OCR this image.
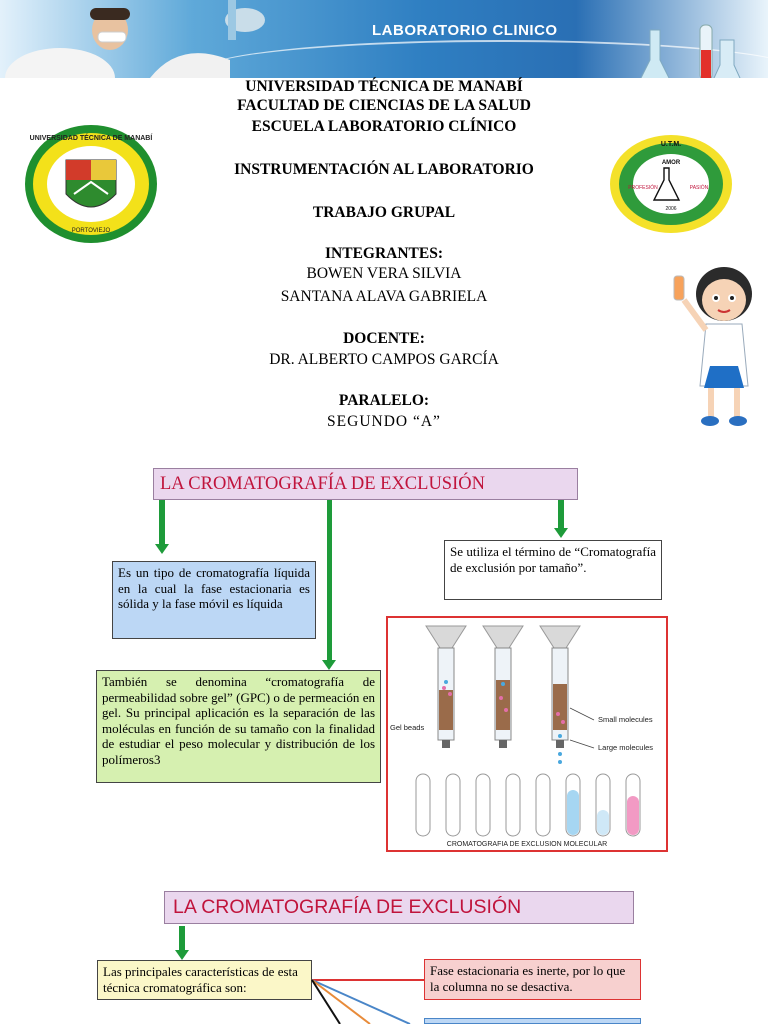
LABORATORIO CLINICO
UNIVERSIDAD TÉCNICA DE MANABÍ
PORTOVIEJO
U.T.M.
AMOR
PROFESIÓN	PASIÓN
2006
UNIVERSIDAD TÉCNICA DE MANABÍ
FACULTAD DE CIENCIAS DE LA SALUD
ESCUELA LABORATORIO CLÍNICO
INSTRUMENTACIÓN AL LABORATORIO
TRABAJO GRUPAL
INTEGRANTES:
BOWEN VERA SILVIA
SANTANA ALAVA GABRIELA
DOCENTE:
DR. ALBERTO CAMPOS GARCÍA
PARALELO:
SEGUNDO “A”
LA CROMATOGRAFÍA DE EXCLUSIÓN
Es un tipo de cromatografía líquida en la cual la fase estacionaria es sólida y la fase móvil es líquida
Se utiliza el término de “Cromatografía de exclusión por tamaño”.
También se denomina “cromatografía de permeabilidad sobre gel” (GPC) o de permeación en gel. Su principal aplicación es la separación de las moléculas en función de su tamaño con la finalidad de estudiar el peso molecular y distribución de los polímeros3
Gel beads
Small molecules
Large molecules
CROMATOGRAFIA DE EXCLUSION MOLECULAR
LA CROMATOGRAFÍA DE EXCLUSIÓN
Las principales características de esta técnica cromatográfica son:
Fase estacionaria es inerte, por lo que la columna no se desactiva.
